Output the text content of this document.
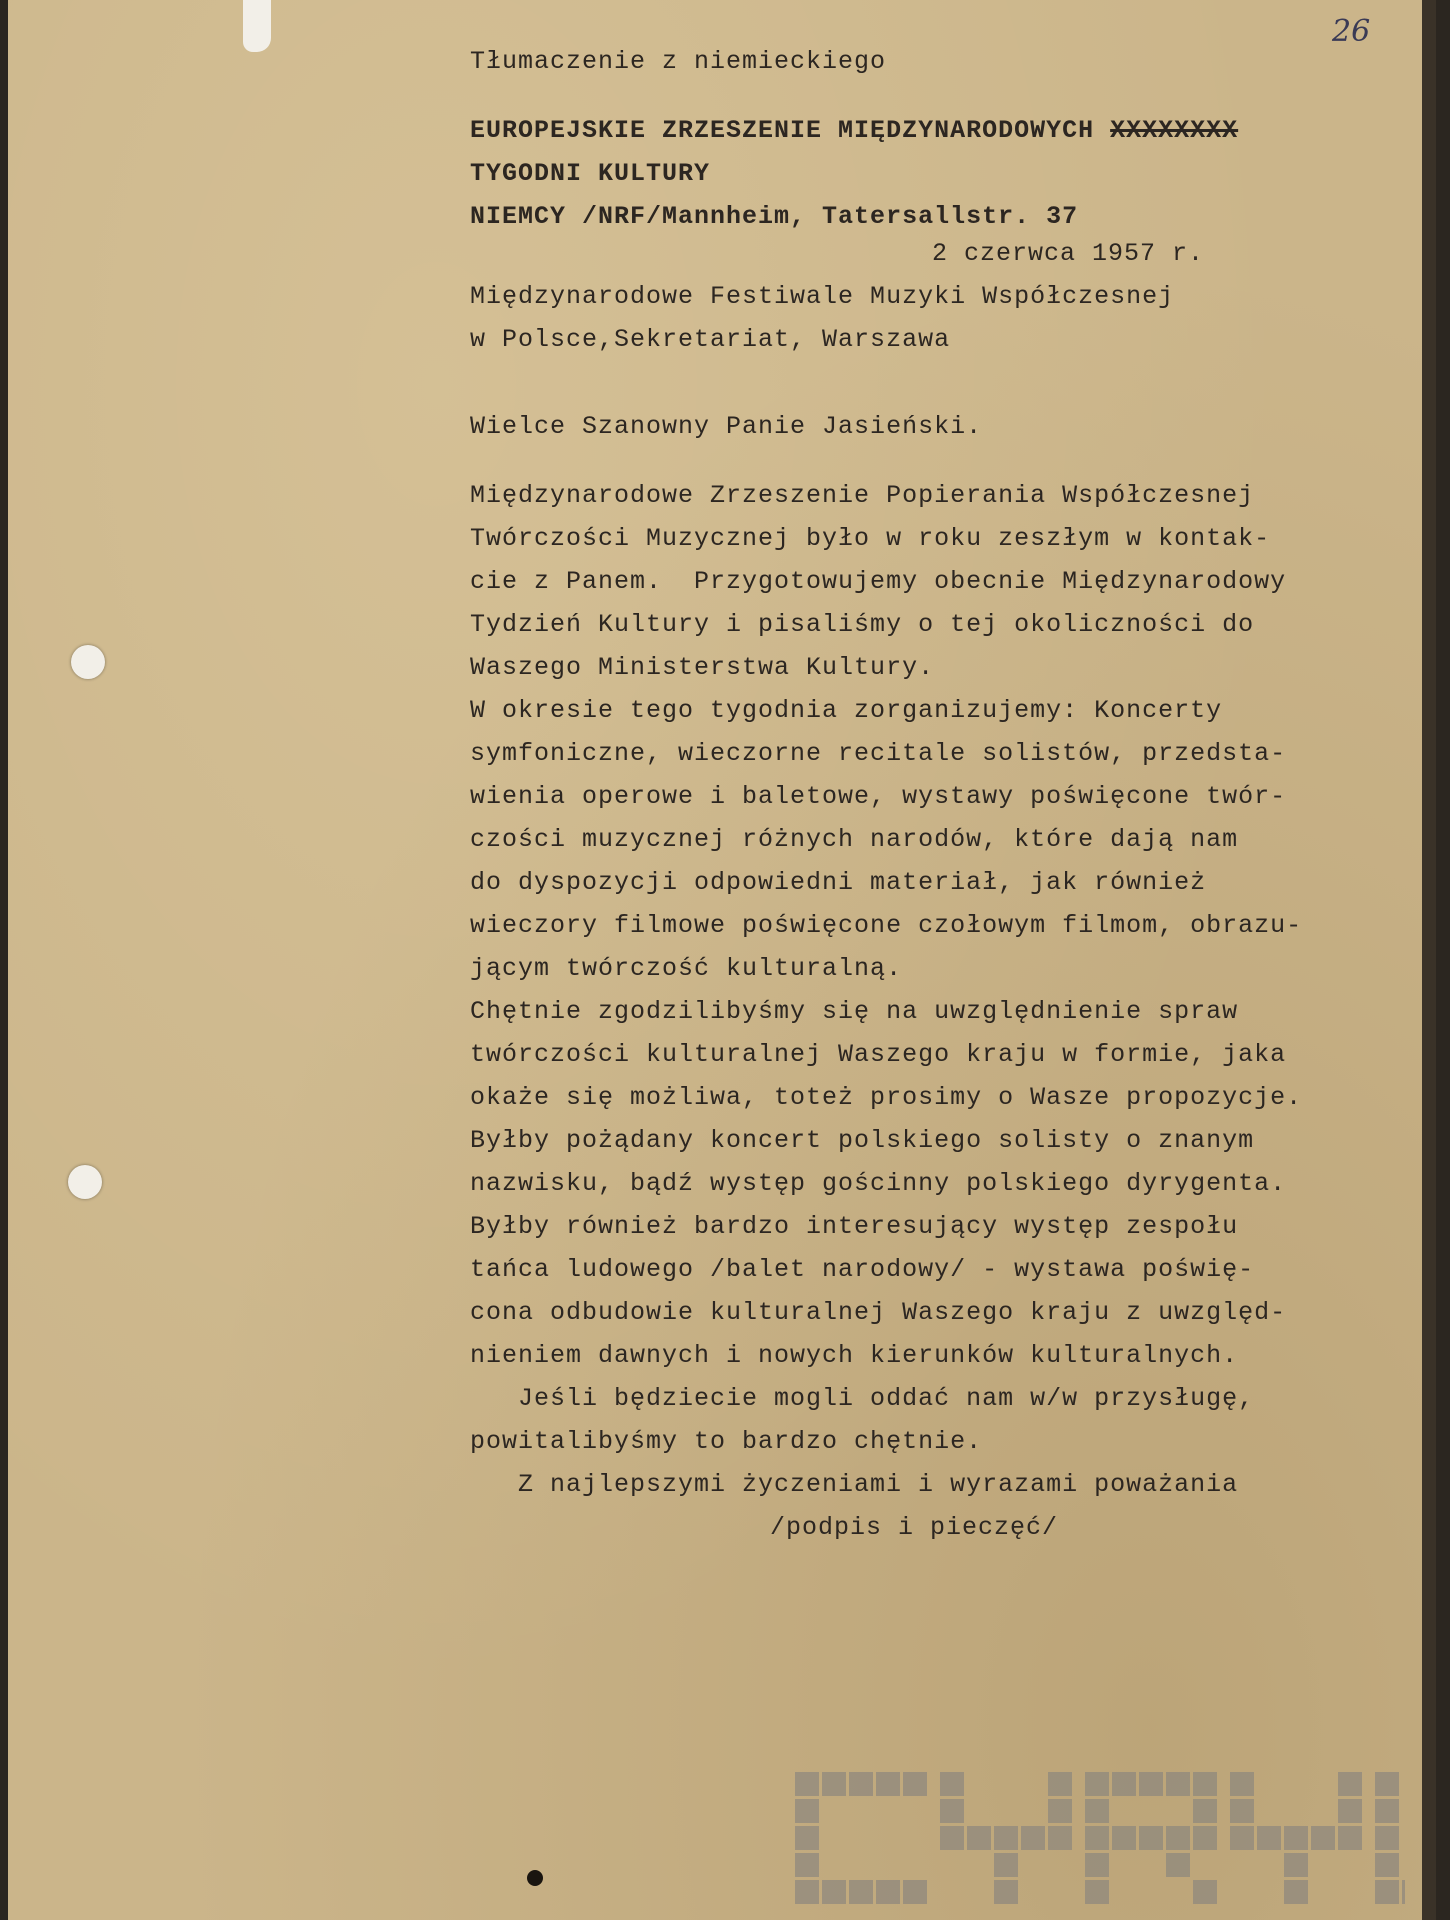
26
Tłumaczenie z niemieckiego
EUROPEJSKIE ZRZESZENIE MIĘDZYNARODOWYCH XXXXXXXX
TYGODNI KULTURY
NIEMCY /NRF/Mannheim, Tatersallstr. 37
2 czerwca 1957 r.
Międzynarodowe Festiwale Muzyki Współczesnej
w Polsce,Sekretariat, Warszawa
Wielce Szanowny Panie Jasieński.
Międzynarodowe Zrzeszenie Popierania Współczesnej
Twórczości Muzycznej było w roku zeszłym w kontak-
cie z Panem.  Przygotowujemy obecnie Międzynarodowy
Tydzień Kultury i pisaliśmy o tej okoliczności do
Waszego Ministerstwa Kultury.
W okresie tego tygodnia zorganizujemy: Koncerty
symfoniczne, wieczorne recitale solistów, przedsta-
wienia operowe i baletowe, wystawy poświęcone twór-
czości muzycznej różnych narodów, które dają nam
do dyspozycji odpowiedni materiał, jak również
wieczory filmowe poświęcone czołowym filmom, obrazu-
jącym twórczość kulturalną.
Chętnie zgodzilibyśmy się na uwzględnienie spraw
twórczości kulturalnej Waszego kraju w formie, jaka
okaże się możliwa, toteż prosimy o Wasze propozycje.
Byłby pożądany koncert polskiego solisty o znanym
nazwisku, bądź występ gościnny polskiego dyrygenta.
Byłby również bardzo interesujący występ zespołu
tańca ludowego /balet narodowy/ - wystawa poświę-
cona odbudowie kulturalnej Waszego kraju z uwzględ-
nieniem dawnych i nowych kierunków kulturalnych.
Jeśli będziecie mogli oddać nam w/w przysługę,
powitalibyśmy to bardzo chętnie.
Z najlepszymi życzeniami i wyrazami poważania
/podpis i pieczęć/
